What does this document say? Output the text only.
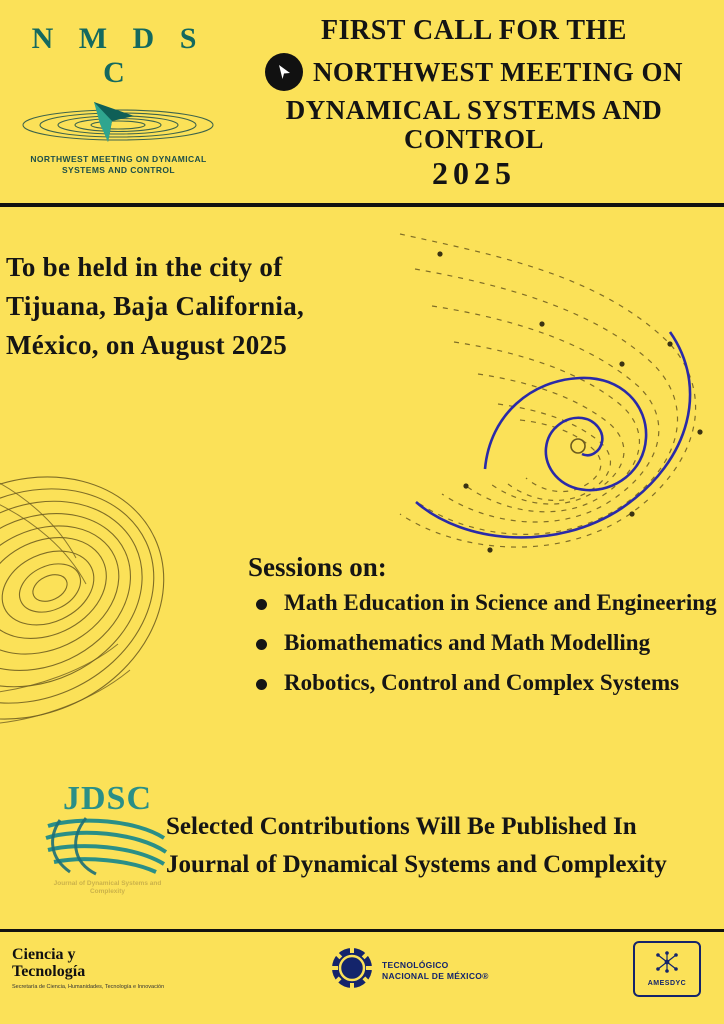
N M D S C
NORTHWEST MEETING ON DYNAMICAL SYSTEMS AND CONTROL
FIRST CALL FOR THE
NORTHWEST MEETING ON
DYNAMICAL SYSTEMS AND CONTROL
2025
To be held in the city of
Tijuana, Baja California,
México, on August 2025
Sessions on:
Math Education in Science and Engineering
Biomathematics and Math Modelling
Robotics, Control and Complex Systems
JDSC
Journal of Dynamical Systems and Complexity
Selected Contributions Will Be Published In
Journal of Dynamical Systems and Complexity
Ciencia y
Tecnología
Secretaría de Ciencia, Humanidades, Tecnología e Innovación
TECNOLÓGICO
NACIONAL DE MÉXICO®
AMESDYC
